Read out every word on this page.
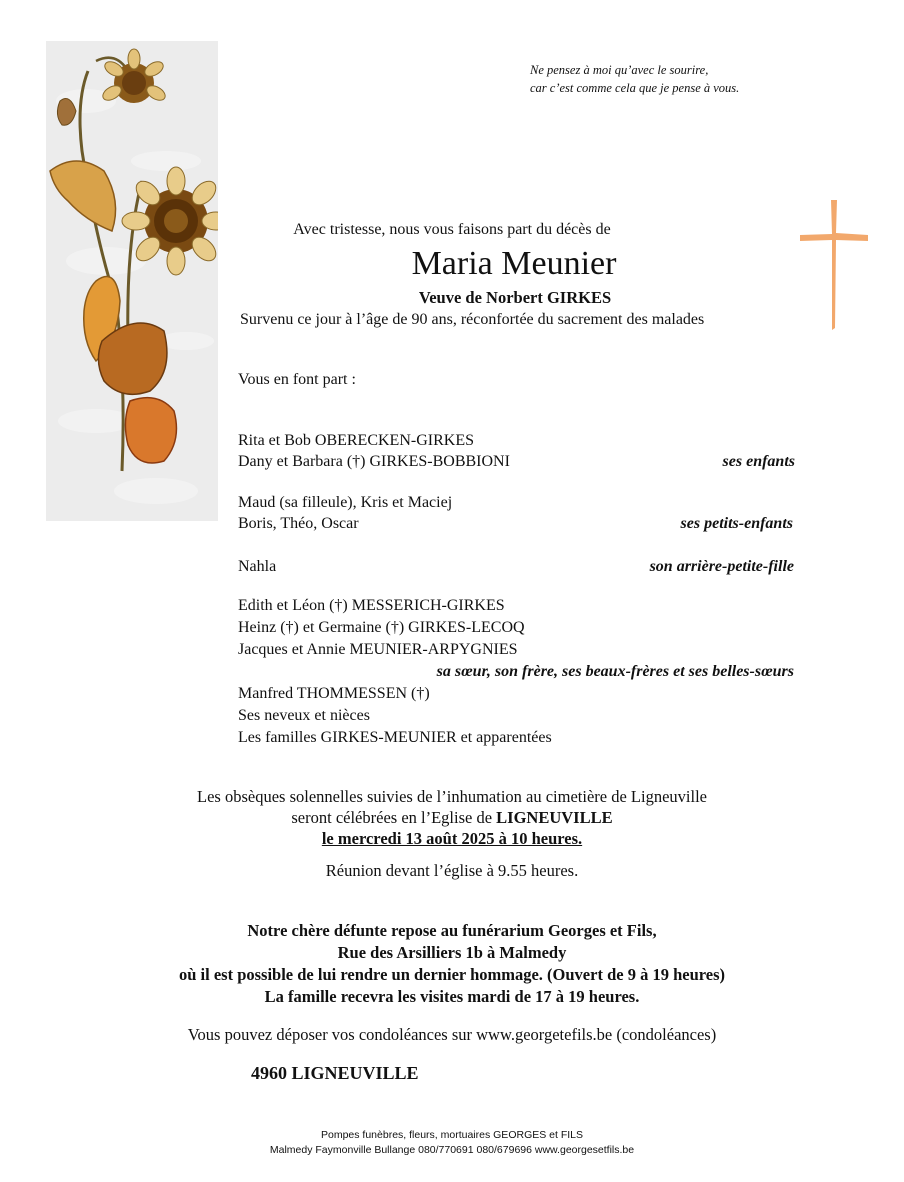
Ne pensez à moi qu’avec le sourire,
car c’est comme cela que je pense à vous.
Avec tristesse, nous vous faisons part du décès de
Maria Meunier
Veuve de Norbert GIRKES
Survenu ce jour à l’âge de 90 ans, réconfortée du sacrement des malades
Vous en font part :
Rita et Bob OBERECKEN-GIRKES
Dany et Barbara (†) GIRKES-BOBBIONI	ses enfants
Maud (sa filleule), Kris et Maciej
Boris, Théo, Oscar	ses petits-enfants
Nahla	son arrière-petite-fille
Edith et Léon (†) MESSERICH-GIRKES
Heinz (†) et Germaine (†) GIRKES-LECOQ
Jacques et Annie MEUNIER-ARPYGNIES
sa sœur, son frère, ses beaux-frères et ses belles-sœurs
Manfred THOMMESSEN (†)
Ses neveux et nièces
Les familles GIRKES-MEUNIER et apparentées
Les obsèques solennelles suivies de l’inhumation au cimetière de Ligneuville
seront célébrées en l’Eglise de LIGNEUVILLE
le mercredi 13 août 2025 à 10 heures.
Réunion devant l’église à 9.55 heures.
Notre chère défunte repose au funérarium Georges et Fils,
Rue des Arsilliers 1b à Malmedy
où il est possible de lui rendre un dernier hommage. (Ouvert de 9 à 19 heures)
La famille recevra les visites mardi de 17 à 19 heures.
Vous pouvez déposer vos condoléances sur www.georgetefils.be (condoléances)
4960 LIGNEUVILLE
Pompes funèbres, fleurs, mortuaires GEORGES et FILS
Malmedy Faymonville Bullange 080/770691 080/679696 www.georgesetfils.be
